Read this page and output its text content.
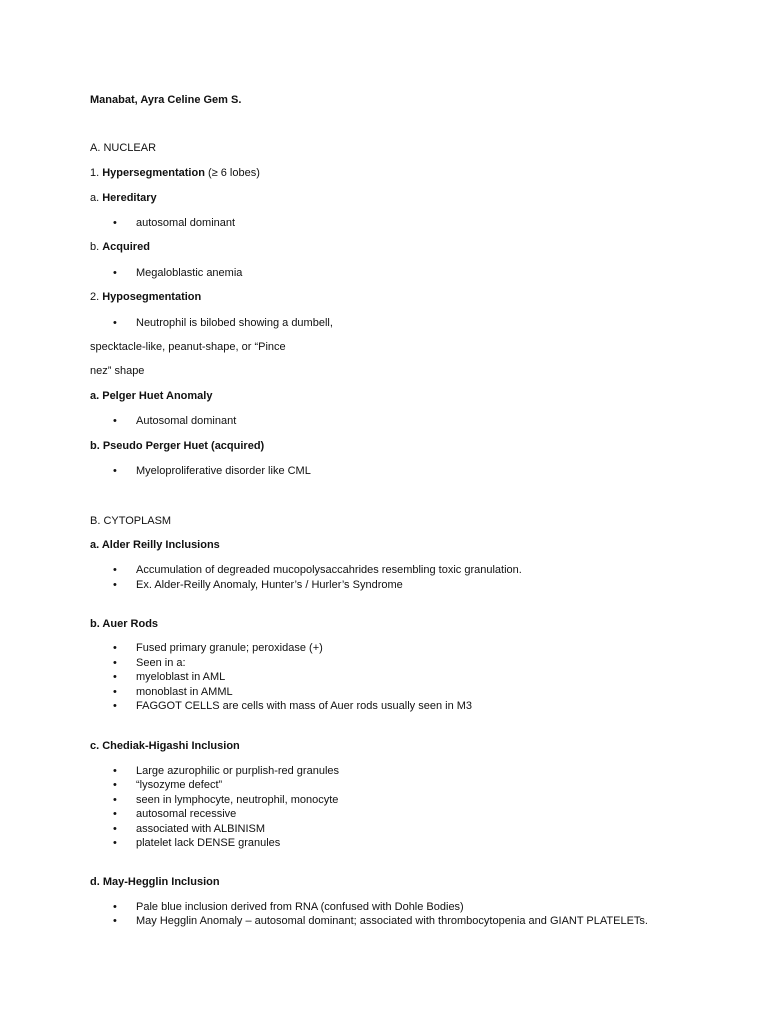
Manabat, Ayra Celine Gem S.
A. NUCLEAR
1. Hypersegmentation (≥ 6 lobes)
a. Hereditary
• autosomal dominant
b. Acquired
• Megaloblastic anemia
2. Hyposegmentation
• Neutrophil is bilobed showing a dumbell,
specktacle-like, peanut-shape, or “Pince
nez” shape
a. Pelger Huet Anomaly
• Autosomal dominant
b. Pseudo Perger Huet (acquired)
• Myeloproliferative disorder like CML
B. CYTOPLASM
a. Alder Reilly Inclusions
• Accumulation of degreaded mucopolysaccahrides resembling toxic granulation.
• Ex. Alder-Reilly Anomaly, Hunter’s / Hurler’s Syndrome
b. Auer Rods
• Fused primary granule; peroxidase (+)
• Seen in a:
• myeloblast in AML
• monoblast in AMML
• FAGGOT CELLS are cells with mass of Auer rods usually seen in M3
c. Chediak-Higashi Inclusion
• Large azurophilic or purplish-red granules
• “lysozyme defect”
• seen in lymphocyte, neutrophil, monocyte
• autosomal recessive
• associated with ALBINISM
• platelet lack DENSE granules
d. May-Hegglin Inclusion
• Pale blue inclusion derived from RNA (confused with Dohle Bodies)
• May Hegglin Anomaly – autosomal dominant; associated with thrombocytopenia and GIANT PLATELETs.
